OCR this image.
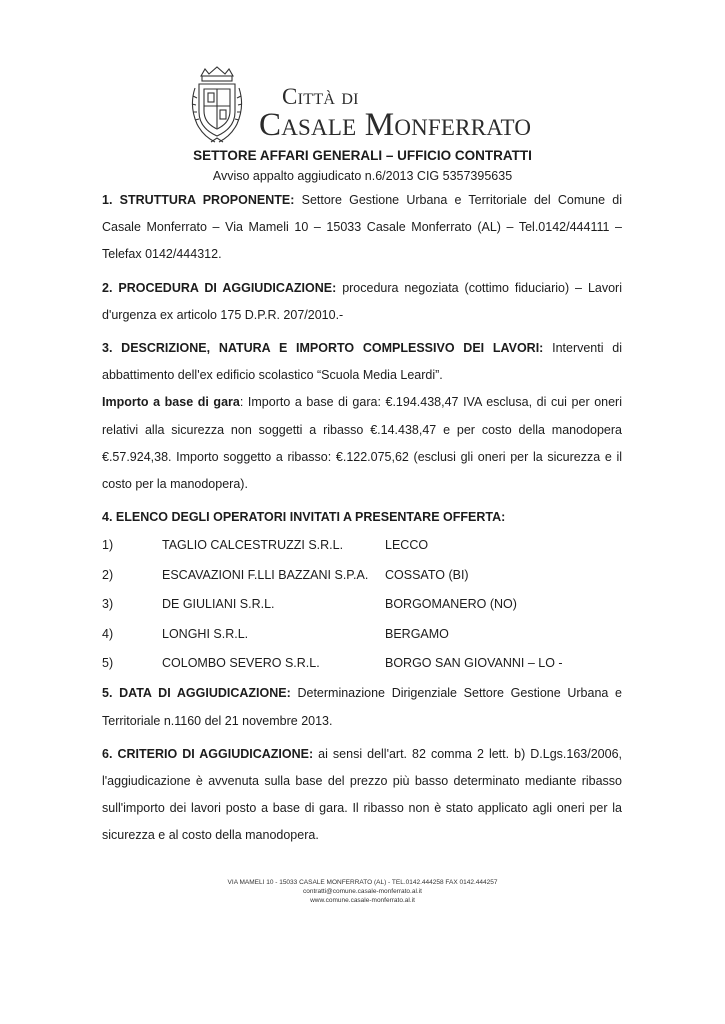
Città di
Casale Monferrato
SETTORE AFFARI GENERALI – UFFICIO CONTRATTI
Avviso appalto aggiudicato n.6/2013 CIG 5357395635

1. STRUTTURA PROPONENTE: Settore Gestione Urbana e Territoriale del Comune di Casale Monferrato – Via Mameli 10 – 15033 Casale Monferrato (AL) – Tel.0142/444111 – Telefax 0142/444312.

2. PROCEDURA DI AGGIUDICAZIONE: procedura negoziata (cottimo fiduciario) – Lavori d'urgenza ex articolo 175 D.P.R. 207/2010.-

3. DESCRIZIONE, NATURA E IMPORTO COMPLESSIVO DEI LAVORI: Interventi di abbattimento dell'ex edificio scolastico “Scuola Media Leardi”.

Importo a base di gara: Importo a base di gara: €.194.438,47 IVA esclusa, di cui per oneri relativi alla sicurezza non soggetti a ribasso €.14.438,47 e per costo della manodopera €.57.924,38. Importo soggetto a ribasso: €.122.075,62 (esclusi gli oneri per la sicurezza e il costo per la manodopera).

4. ELENCO DEGLI OPERATORI INVITATI A PRESENTARE OFFERTA:

1)	TAGLIO CALCESTRUZZI S.R.L.	LECCO
2)	ESCAVAZIONI F.LLI BAZZANI S.P.A.	COSSATO (BI)
3)	DE GIULIANI S.R.L.	BORGOMANERO (NO)
4)	LONGHI S.R.L.	BERGAMO
5)	COLOMBO SEVERO S.R.L.	BORGO SAN GIOVANNI – LO -

5. DATA DI AGGIUDICAZIONE: Determinazione Dirigenziale Settore Gestione Urbana e Territoriale n.1160 del 21 novembre 2013.

6. CRITERIO DI AGGIUDICAZIONE: ai sensi dell'art. 82 comma 2 lett. b) D.Lgs.163/2006, l'aggiudicazione è avvenuta sulla base del prezzo più basso determinato mediante ribasso sull'importo dei lavori posto a base di gara. Il ribasso non è stato applicato agli oneri per la sicurezza e al costo della manodopera.

VIA MAMELI 10 - 15033 CASALE MONFERRATO (AL) - TEL.0142.444258 FAX 0142.444257
contratti@comune.casale-monferrato.al.it
www.comune.casale-monferrato.al.it
